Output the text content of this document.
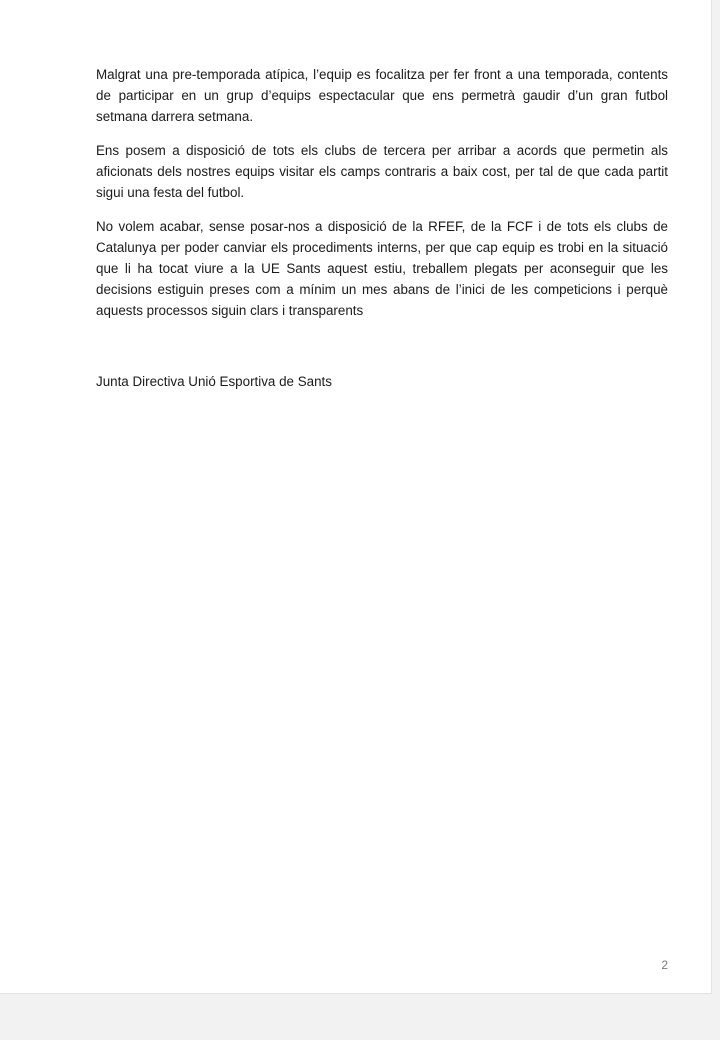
Malgrat una pre-temporada atípica, l’equip es focalitza per fer front a una temporada, contents de participar en un grup d’equips espectacular que ens permetrà gaudir d’un gran futbol setmana darrera setmana.

Ens posem a disposició de tots els clubs de tercera per arribar a acords que permetin als aficionats dels nostres equips visitar els camps contraris a baix cost, per tal de que cada partit sigui una festa del futbol.

No volem acabar, sense posar-nos a disposició de la RFEF, de la FCF i de tots els clubs de Catalunya per poder canviar els procediments interns, per que cap equip es trobi en la situació que li ha tocat viure a la UE Sants aquest estiu, treballem plegats per aconseguir que les decisions estiguin preses com a mínim un mes abans de l’inici de les competicions i perquè aquests processos siguin clars i transparents

Junta Directiva Unió Esportiva de Sants
2
